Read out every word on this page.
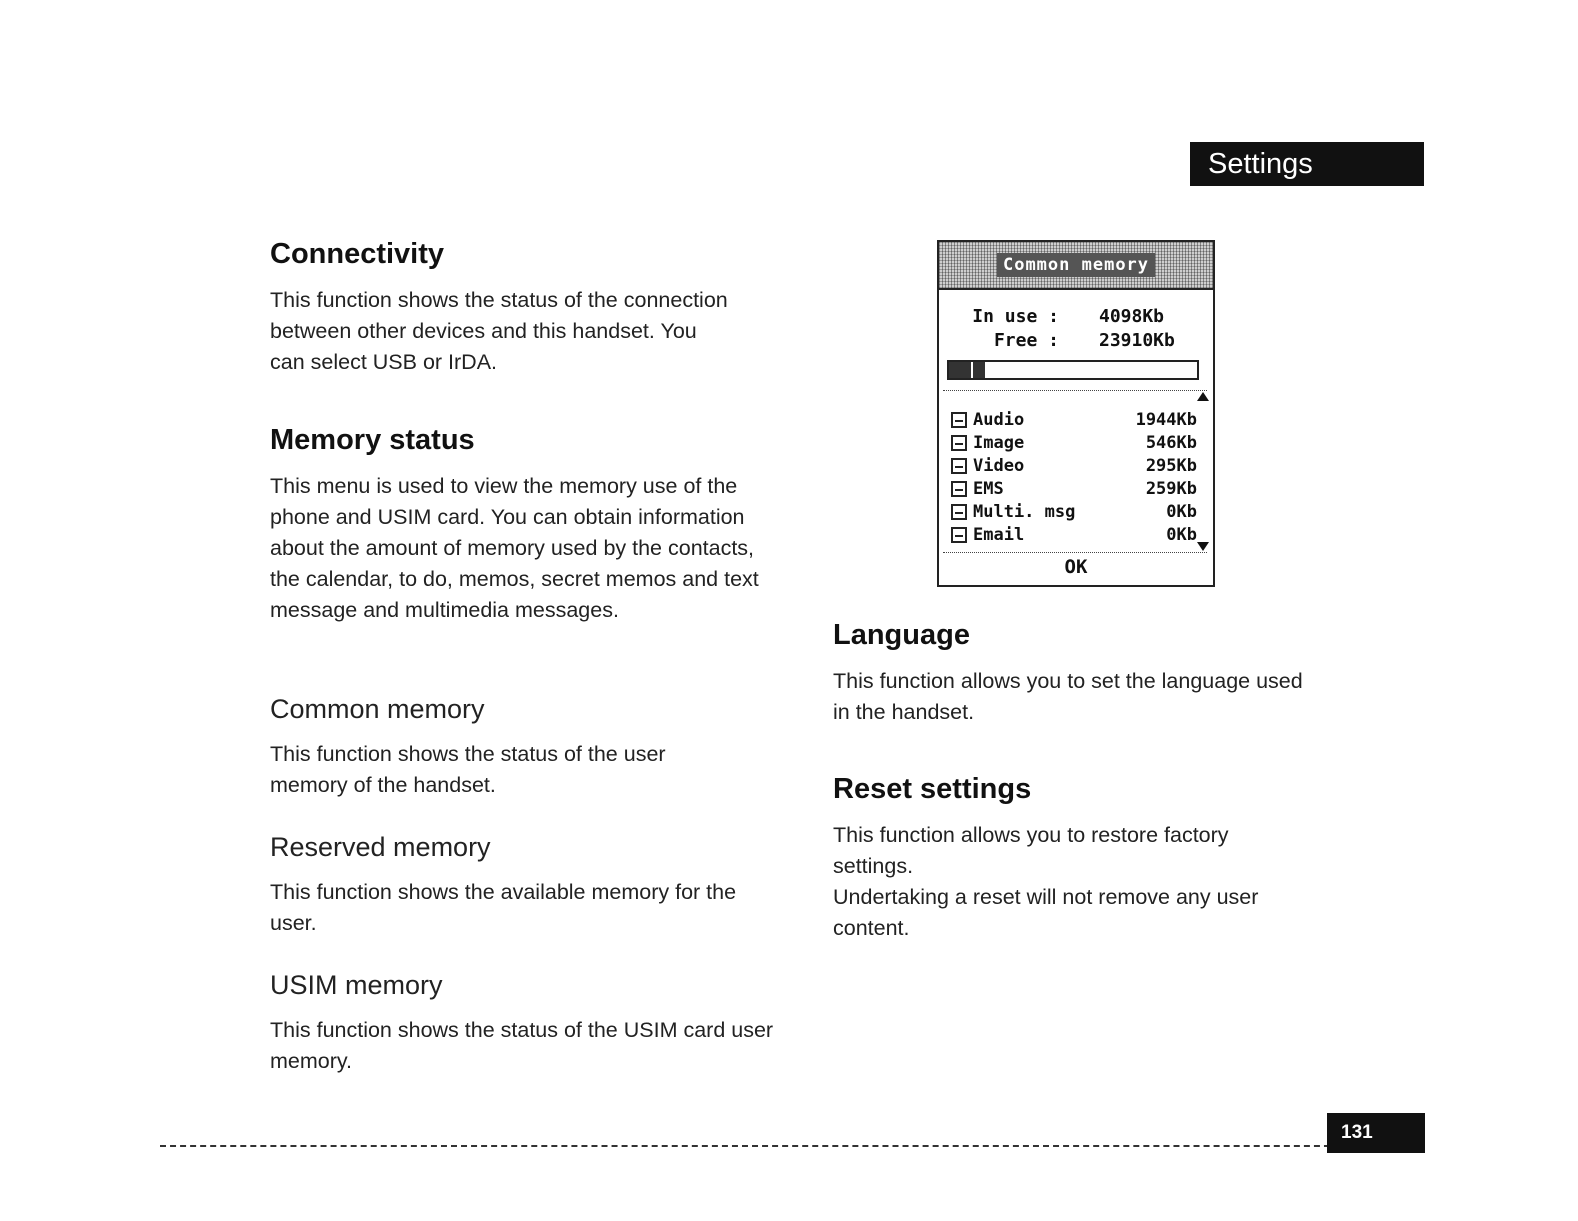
Settings
Connectivity

This function shows the status of the connection between other devices and this handset. You can select USB or IrDA.

Memory status

This menu is used to view the memory use of the phone and USIM card. You can obtain information about the amount of memory used by the contacts, the calendar, to do, memos, secret memos and text message and multimedia messages.

Common memory

This function shows the status of the user memory of the handset.

Reserved memory

This function shows the available memory for the user.

USIM memory

This function shows the status of the USIM card user memory.

Common memory
In use : 4098Kb
Free : 23910Kb
Audio	1944Kb
Image	546Kb
Video	295Kb
EMS	259Kb
Multi. msg	0Kb
Email	0Kb
OK
Language

This function allows you to set the language used in the handset.

Reset settings

This function allows you to restore factory settings.

Undertaking a reset will not remove any user content.

131
